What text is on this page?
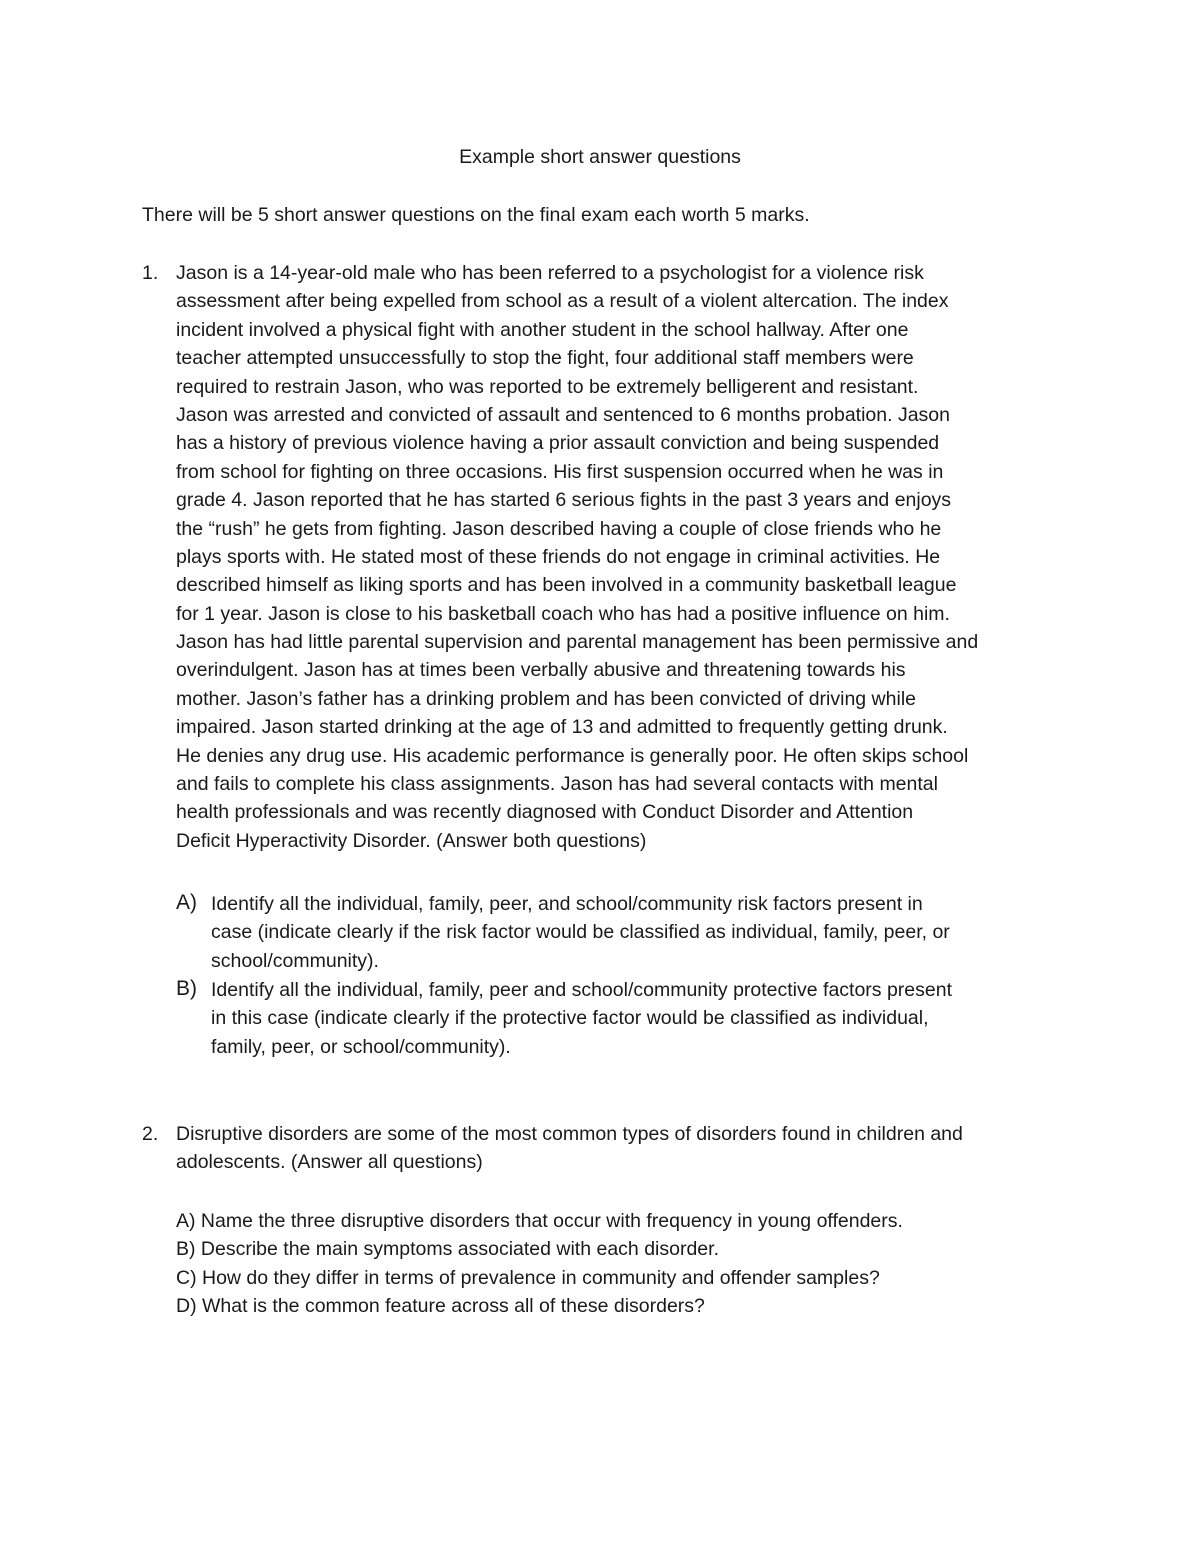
Example short answer questions
There will be 5 short answer questions on the final exam each worth 5 marks.
1. Jason is a 14-year-old male who has been referred to a psychologist for a violence risk
assessment after being expelled from school as a result of a violent altercation. The index
incident involved a physical fight with another student in the school hallway. After one
teacher attempted unsuccessfully to stop the fight, four additional staff members were
required to restrain Jason, who was reported to be extremely belligerent and resistant.
Jason was arrested and convicted of assault and sentenced to 6 months probation. Jason
has a history of previous violence having a prior assault conviction and being suspended
from school for fighting on three occasions. His first suspension occurred when he was in
grade 4. Jason reported that he has started 6 serious fights in the past 3 years and enjoys
the “rush” he gets from fighting. Jason described having a couple of close friends who he
plays sports with. He stated most of these friends do not engage in criminal activities. He
described himself as liking sports and has been involved in a community basketball league
for 1 year. Jason is close to his basketball coach who has had a positive influence on him.
Jason has had little parental supervision and parental management has been permissive and
overindulgent. Jason has at times been verbally abusive and threatening towards his
mother. Jason’s father has a drinking problem and has been convicted of driving while
impaired. Jason started drinking at the age of 13 and admitted to frequently getting drunk.
He denies any drug use. His academic performance is generally poor. He often skips school
and fails to complete his class assignments. Jason has had several contacts with mental
health professionals and was recently diagnosed with Conduct Disorder and Attention
Deficit Hyperactivity Disorder. (Answer both questions)
A) Identify all the individual, family, peer, and school/community risk factors present in
case (indicate clearly if the risk factor would be classified as individual, family, peer, or
school/community).
B) Identify all the individual, family, peer and school/community protective factors present
in this case (indicate clearly if the protective factor would be classified as individual,
family, peer, or school/community).
2. Disruptive disorders are some of the most common types of disorders found in children and
adolescents. (Answer all questions)
A) Name the three disruptive disorders that occur with frequency in young offenders.
B) Describe the main symptoms associated with each disorder.
C) How do they differ in terms of prevalence in community and offender samples?
D) What is the common feature across all of these disorders?
